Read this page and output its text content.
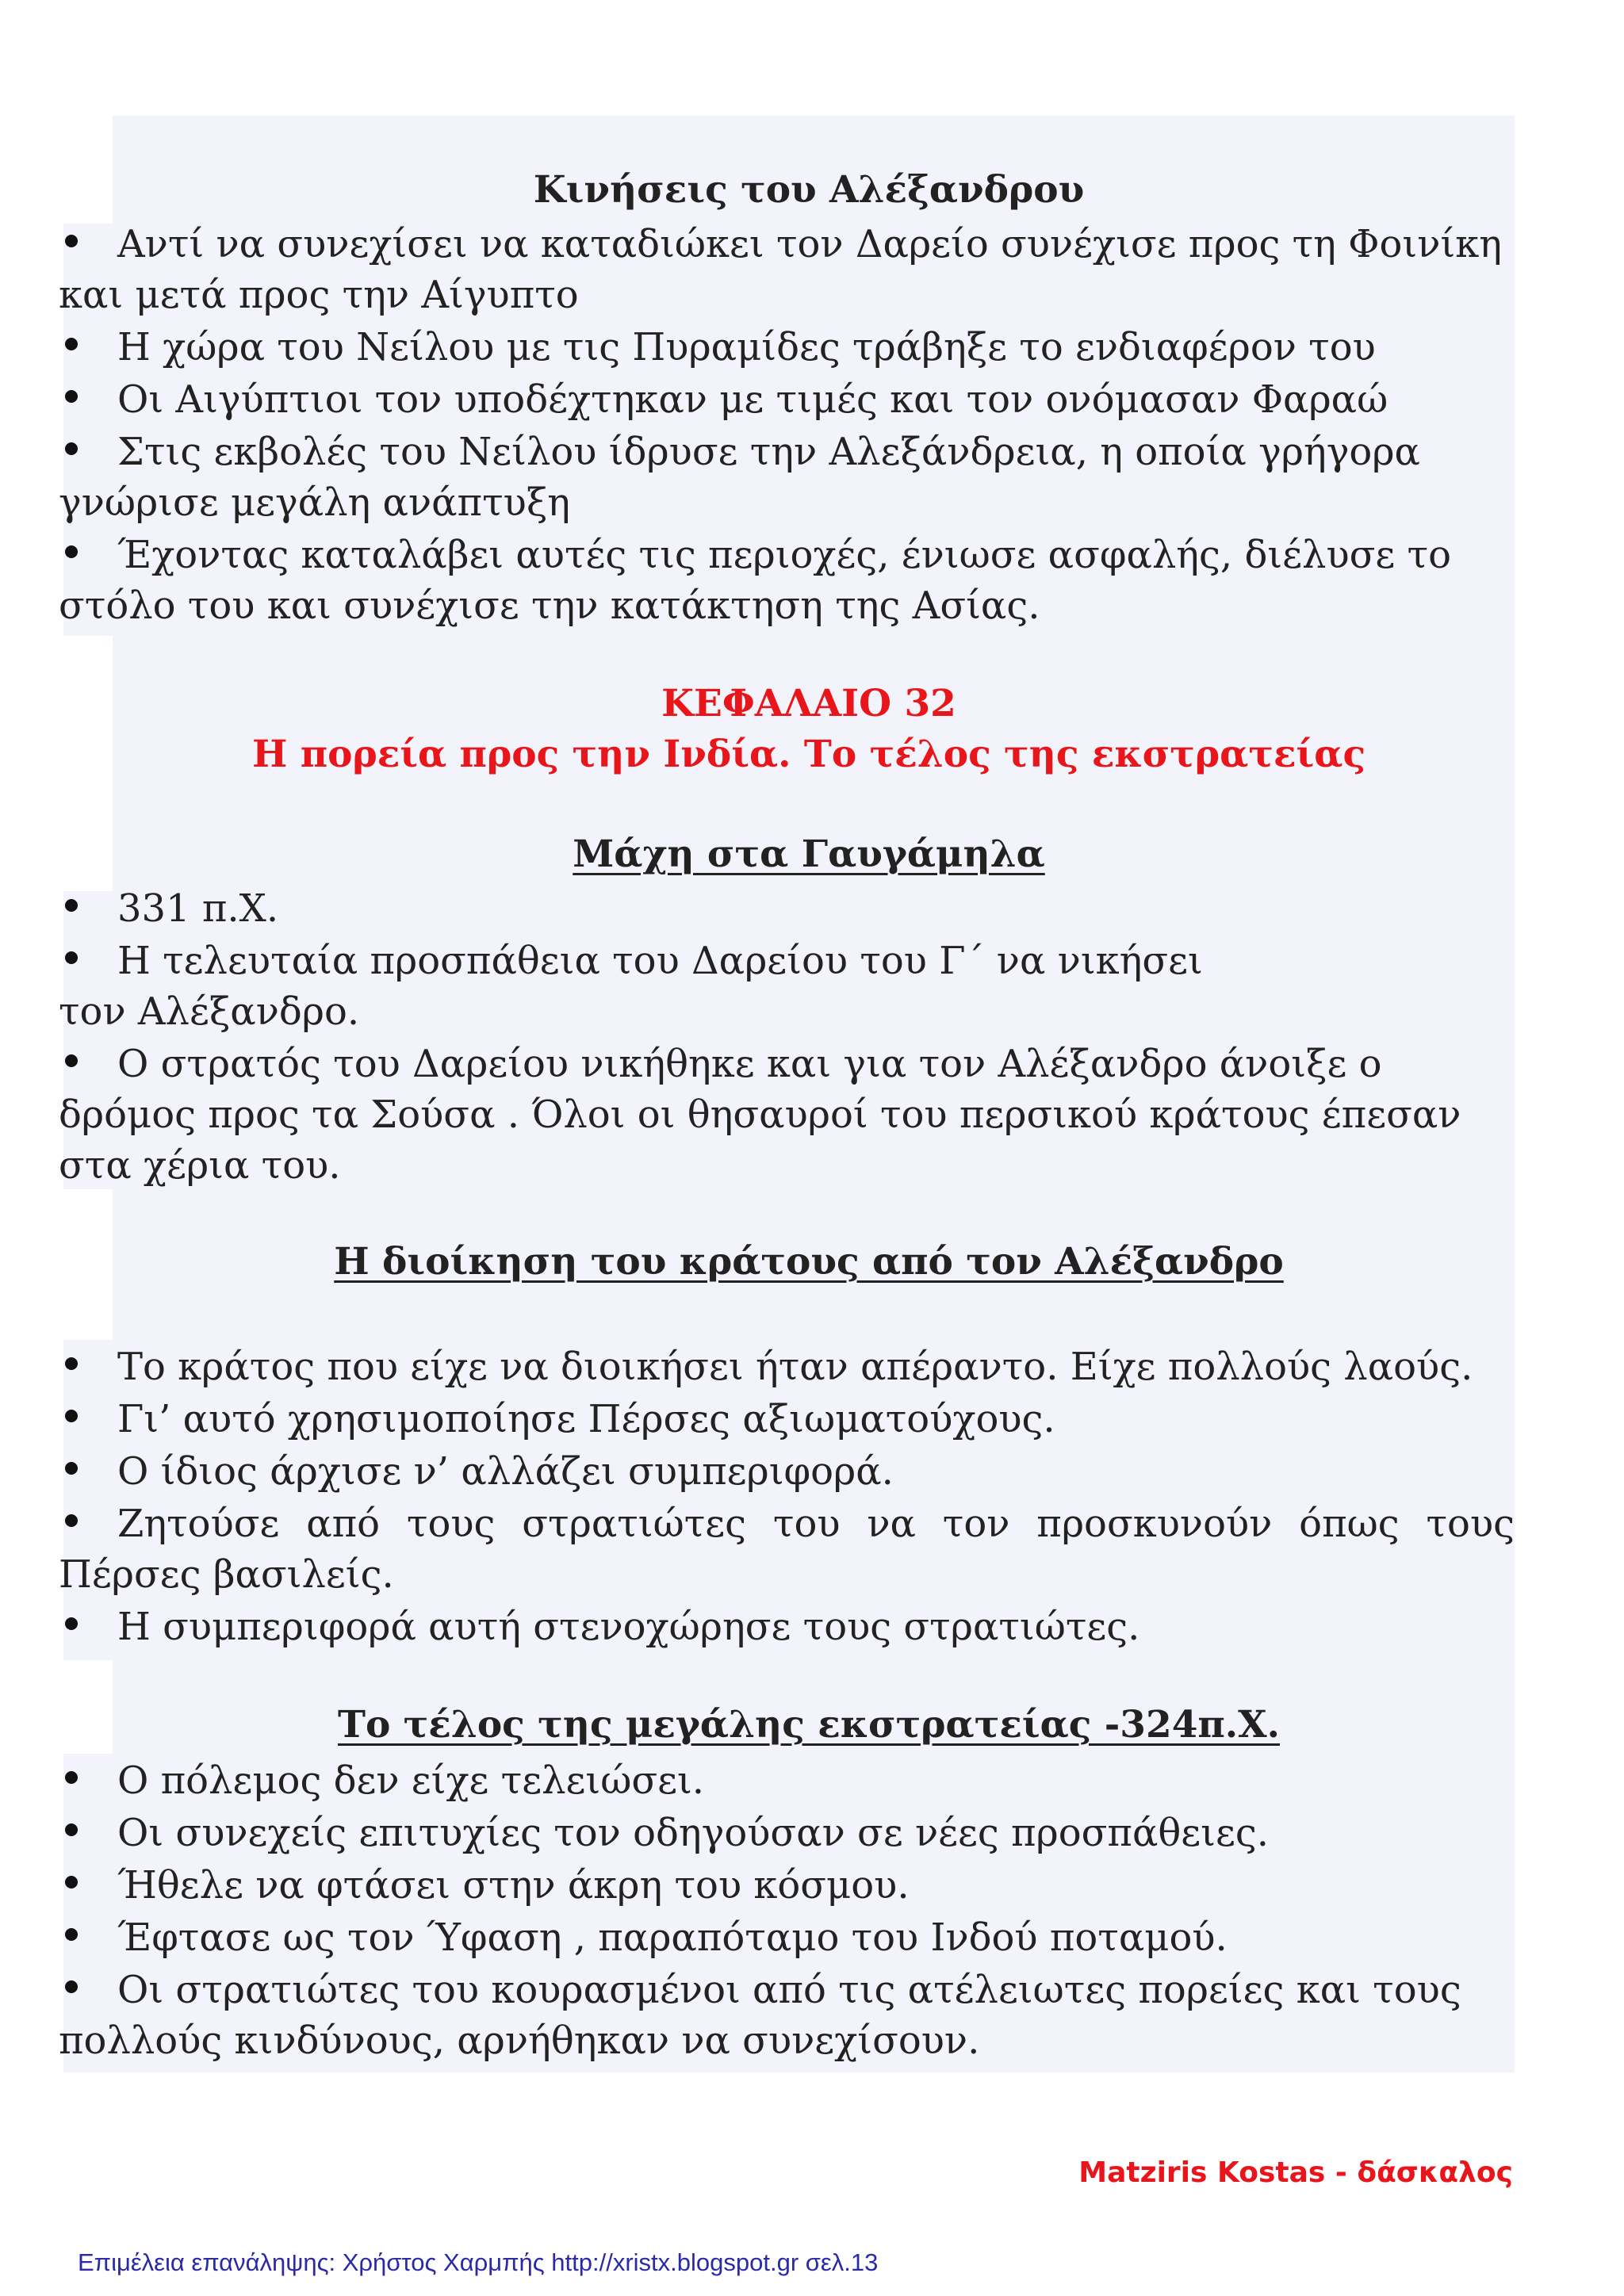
Κινήσεις του Αλέξανδρου
Αντί να συνεχίσει να καταδιώκει τον Δαρείο συνέχισε προς τη Φοινίκη και μετά προς την Αίγυπτο
Η χώρα του Νείλου με τις Πυραμίδες τράβηξε το ενδιαφέρον του
Οι Αιγύπτιοι τον υποδέχτηκαν με τιμές και τον ονόμασαν Φαραώ
Στις εκβολές του Νείλου ίδρυσε την Αλεξάνδρεια, η οποία γρήγορα γνώρισε μεγάλη ανάπτυξη
Έχοντας καταλάβει αυτές τις περιοχές, ένιωσε ασφαλής, διέλυσε το στόλο του και συνέχισε την κατάκτηση της Ασίας.
ΚΕΦΑΛΑΙΟ 32
Η πορεία προς την Ινδία. Το τέλος της εκστρατείας
Μάχη στα Γαυγάμηλα
331 π.Χ.
Η τελευταία προσπάθεια του Δαρείου του Γ΄ να νικήσει τον Αλέξανδρο.
Ο στρατός του Δαρείου νικήθηκε και για τον Αλέξανδρο άνοιξε ο δρόμος προς τα Σούσα . Όλοι οι θησαυροί του περσικού κράτους έπεσαν στα χέρια του.
Η διοίκηση του κράτους από τον Αλέξανδρο
Το κράτος που είχε να διοικήσει ήταν απέραντο. Είχε πολλούς λαούς.
Γι’ αυτό χρησιμοποίησε Πέρσες αξιωματούχους.
Ο ίδιος άρχισε ν’ αλλάζει συμπεριφορά.
Ζητούσε από τους στρατιώτες του να τον προσκυνούν όπως τους Πέρσες βασιλείς.
Η συμπεριφορά αυτή στενοχώρησε τους στρατιώτες.
Το τέλος της μεγάλης εκστρατείας -324π.Χ.
Ο πόλεμος δεν είχε τελειώσει.
Οι συνεχείς επιτυχίες τον οδηγούσαν σε νέες προσπάθειες.
Ήθελε να φτάσει στην άκρη του κόσμου.
Έφτασε ως τον Ύφαση , παραπόταμο του Ινδού ποταμού.
Οι στρατιώτες του κουρασμένοι από τις ατέλειωτες πορείες και τους πολλούς κινδύνους, αρνήθηκαν να συνεχίσουν.
Matziris Kostas - δάσκαλος
Επιμέλεια επανάληψης: Χρήστος Χαρμπής http://xristx.blogspot.gr σελ.13
